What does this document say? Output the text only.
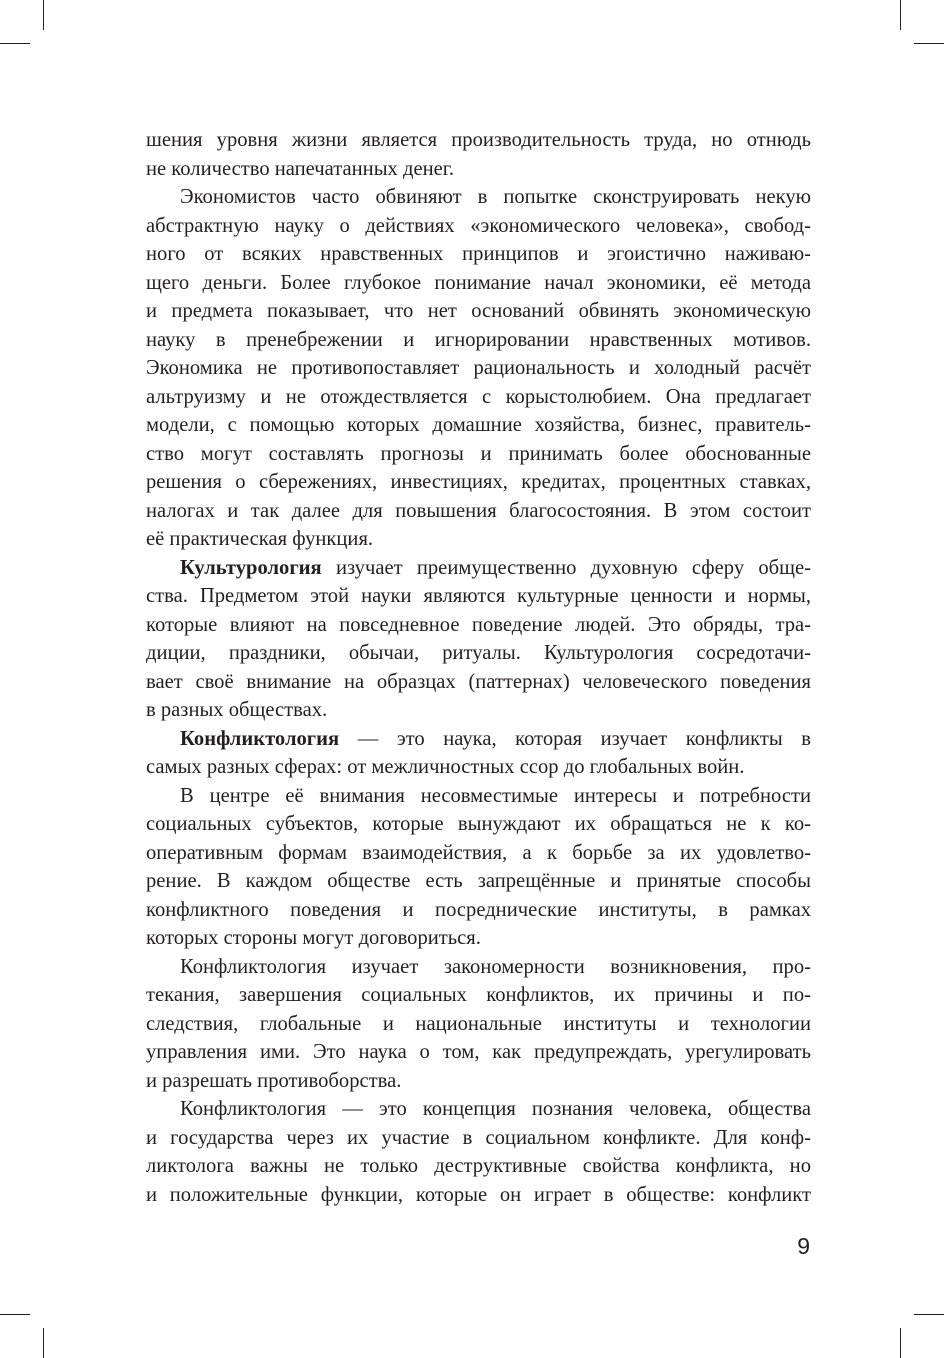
шения уровня жизни является производительность труда, но отнюдь
не количество напечатанных денег.
Экономистов часто обвиняют в попытке сконструировать некую
абстрактную науку о действиях «экономического человека», свобод-
ного от всяких нравственных принципов и эгоистично наживаю-
щего деньги. Более глубокое понимание начал экономики, её метода
и предмета показывает, что нет оснований обвинять экономическую
науку в пренебрежении и игнорировании нравственных мотивов.
Экономика не противопоставляет рациональность и холодный расчёт
альтруизму и не отождествляется с корыстолюбием. Она предлагает
модели, с помощью которых домашние хозяйства, бизнес, правитель-
ство могут составлять прогнозы и принимать более обоснованные
решения о сбережениях, инвестициях, кредитах, процентных ставках,
налогах и так далее для повышения благосостояния. В этом состоит
её практическая функция.
Культурология изучает преимущественно духовную сферу обще-
ства. Предметом этой науки являются культурные ценности и нормы,
которые влияют на повседневное поведение людей. Это обряды, тра-
диции, праздники, обычаи, ритуалы. Культурология сосредотачи-
вает своё внимание на образцах (паттернах) человеческого поведения
в разных обществах.
Конфликтология — это наука, которая изучает конфликты в
самых разных сферах: от межличностных ссор до глобальных войн.
В центре её внимания несовместимые интересы и потребности
социальных субъектов, которые вынуждают их обращаться не к ко-
оперативным формам взаимодействия, а к борьбе за их удовлетво-
рение. В каждом обществе есть запрещённые и принятые способы
конфликтного поведения и посреднические институты, в рамках
которых стороны могут договориться.
Конфликтология изучает закономерности возникновения, про-
текания, завершения социальных конфликтов, их причины и по-
следствия, глобальные и национальные институты и технологии
управления ими. Это наука о том, как предупреждать, урегулировать
и разрешать противоборства.
Конфликтология — это концепция познания человека, общества
и государства через их участие в социальном конфликте. Для конф-
ликтолога важны не только деструктивные свойства конфликта, но
и положительные функции, которые он играет в обществе: конфликт
9
